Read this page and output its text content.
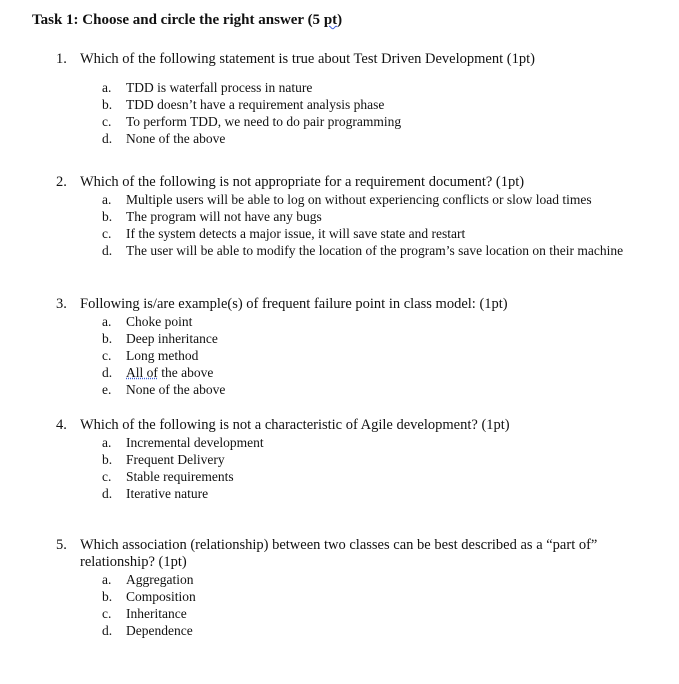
Task 1: Choose and circle the right answer (5 pt)
1. Which of the following statement is true about Test Driven Development (1pt)
a.	TDD is waterfall process in nature
b.	TDD doesn’t have a requirement analysis phase
c.	To perform TDD, we need to do pair programming
d.	None of the above
2. Which of the following is not appropriate for a requirement document? (1pt)
a.	Multiple users will be able to log on without experiencing conflicts or slow load times
b.	The program will not have any bugs
c.	If the system detects a major issue, it will save state and restart
d.	The user will be able to modify the location of the program’s save location on their machine
3. Following is/are example(s) of frequent failure point in class model: (1pt)
a.	Choke point
b.	Deep inheritance
c.	Long method
d.	All of the above
e.	None of the above
4. Which of the following is not a characteristic of Agile development? (1pt)
a.	Incremental development
b.	Frequent Delivery
c.	Stable requirements
d.	Iterative nature
5. Which association (relationship) between two classes can be best described as a “part of” relationship? (1pt)
a.	Aggregation
b.	Composition
c.	Inheritance
d.	Dependence
